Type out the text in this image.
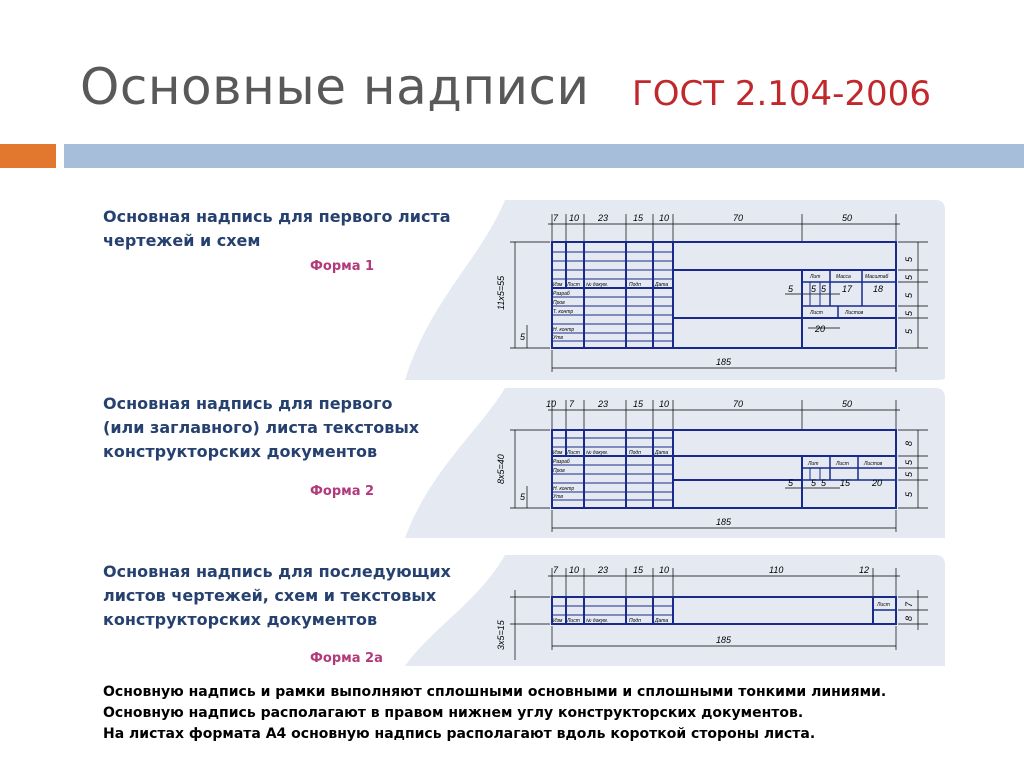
Основные надписи ГОСТ 2.104-2006
Основная надпись для первого листа
чертежей и схем
Форма 1
Основная надпись для первого
(или заглавного) листа текстовых
конструкторских документов
Форма 2
Основная надпись для последующих
листов чертежей, схем и текстовых
конструкторских документов
Форма 2а
7 10 23	15 10	70	50
185
5
11x5=55
5
5
5
5
5
5 5 5 17 18
20
Изм Лист № докум.	Подп	Дата
Разраб
Пров
Т. контр
Н. контр
Утв
Лит	Масса	Масштаб
Лист	Листов
10 7	23	15 10	70	50
185
5
8x5=40
8
5
5
5
5 5 5 15 20
Изм Лист № докум.	Подп	Дата
Разраб
Пров
Н. контр
Утв
Лит	Лист	Листов
7 10 23	15 10	110	12
185
3x5=15
7
8
Изм Лист № докум.	Подп	Дата
Лист
Основную надпись и рамки выполняют сплошными основными и сплошными тонкими линиями.
Основную надпись располагают в правом нижнем углу конструкторских документов.
На листах формата А4 основную надпись располагают вдоль короткой стороны листа.
